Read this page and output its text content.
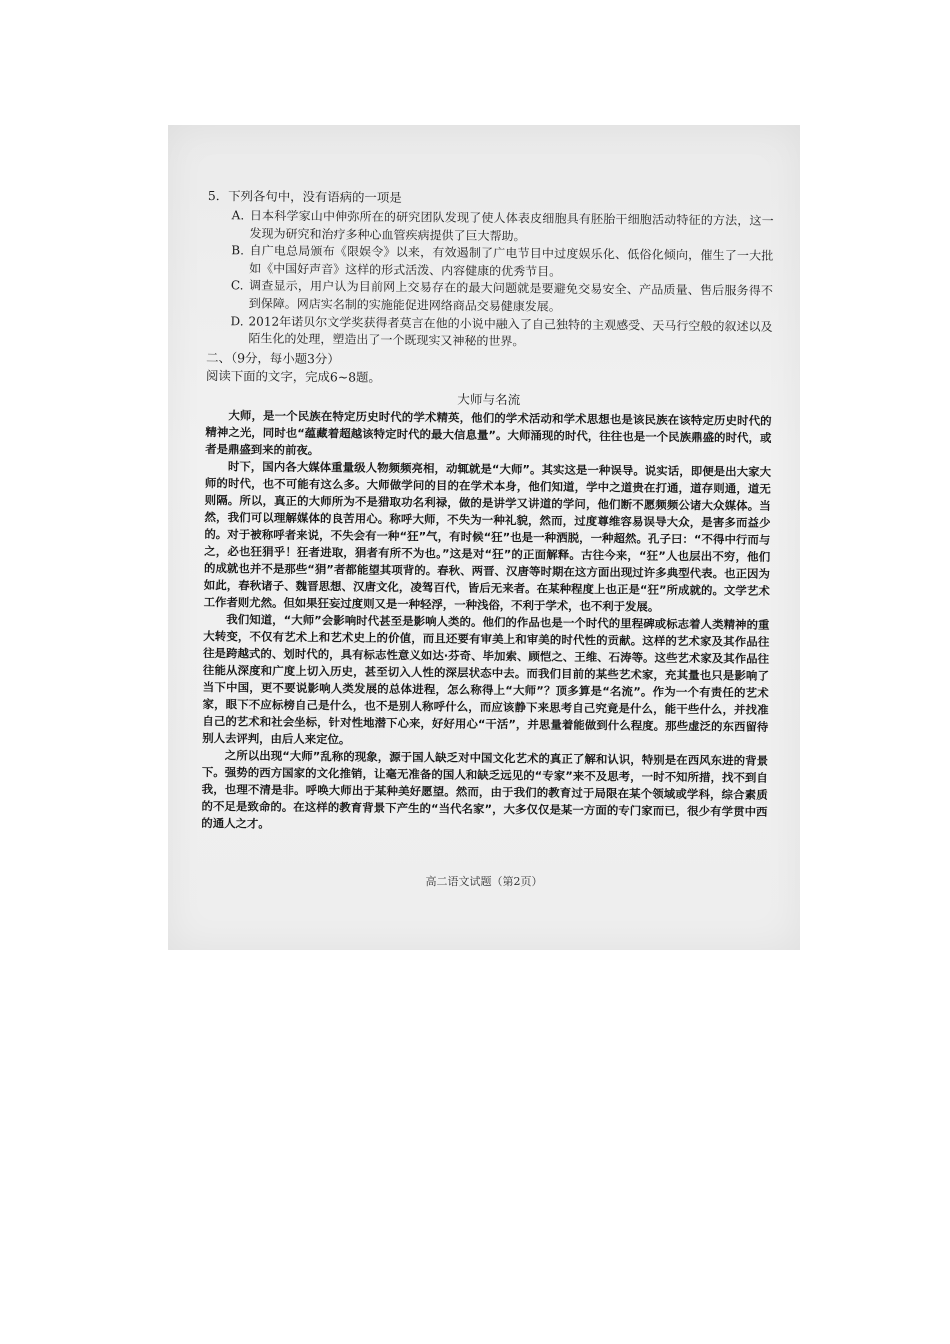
5．下列各句中，没有语病的一项是
A. 日本科学家山中伸弥所在的研究团队发现了使人体表皮细胞具有胚胎干细胞活动特征的方法，这一发现为研究和治疗多种心血管疾病提供了巨大帮助。
B. 自广电总局颁布《限娱令》以来，有效遏制了广电节目中过度娱乐化、低俗化倾向，催生了一大批如《中国好声音》这样的形式活泼、内容健康的优秀节目。
C. 调查显示，用户认为目前网上交易存在的最大问题就是要避免交易安全、产品质量、售后服务得不到保障。网店实名制的实施能促进网络商品交易健康发展。
D. 2012年诺贝尔文学奖获得者莫言在他的小说中融入了自己独特的主观感受、天马行空般的叙述以及陌生化的处理，塑造出了一个既现实又神秘的世界。
二、（9分，每小题3分）
阅读下面的文字，完成6~8题。
大师与名流

大师，是一个民族在特定历史时代的学术精英，他们的学术活动和学术思想也是该民族在该特定历史时代的精神之光，同时也“蕴藏着超越该特定时代的最大信息量”。大师涌现的时代，往往也是一个民族鼎盛的时代，或者是鼎盛到来的前夜。

时下，国内各大媒体重量级人物频频亮相，动辄就是“大师”。其实这是一种误导。说实话，即便是出大家大师的时代，也不可能有这么多。大师做学问的目的在学术本身，他们知道，学中之道贵在打通，道存则通，道无则隔。所以，真正的大师所为不是猎取功名利禄，做的是讲学又讲道的学问，他们断不愿频频公诸大众媒体。当然，我们可以理解媒体的良苦用心。称呼大师，不失为一种礼貌，然而，过度尊维容易误导大众，是害多而益少的。对于被称呼者来说，不失会有一种“狂”气，有时候“狂”也是一种洒脱，一种超然。孔子曰：“不得中行而与之，必也狂狷乎！狂者进取，狷者有所不为也。”这是对“狂”的正面解释。古往今来，“狂”人也层出不穷，他们的成就也并不是那些“狷”者都能望其项背的。春秋、两晋、汉唐等时期在这方面出现过许多典型代表。也正因为如此，春秋诸子、魏晋思想、汉唐文化，凌驾百代，皆后无来者。在某种程度上也正是“狂”所成就的。文学艺术工作者则尤然。但如果狂妄过度则又是一种轻浮，一种浅俗，不利于学术，也不利于发展。

我们知道，“大师”会影响时代甚至是影响人类的。他们的作品也是一个时代的里程碑或标志着人类精神的重大转变，不仅有艺术上和艺术史上的价值，而且还要有审美上和审美的时代性的贡献。这样的艺术家及其作品往往是跨越式的、划时代的，具有标志性意义如达·芬奇、毕加索、顾恺之、王维、石涛等。这些艺术家及其作品往往能从深度和广度上切入历史，甚至切入人性的深层状态中去。而我们目前的某些艺术家，充其量也只是影响了当下中国，更不要说影响人类发展的总体进程，怎么称得上“大师”？顶多算是“名流”。作为一个有责任的艺术家，眼下不应标榜自己是什么，也不是别人称呼什么，而应该静下来思考自己究竟是什么，能干些什么，并找准自己的艺术和社会坐标，针对性地潜下心来，好好用心“干活”，并思量着能做到什么程度。那些虚泛的东西留待别人去评判，由后人来定位。

之所以出现“大师”乱称的现象，源于国人缺乏对中国文化艺术的真正了解和认识，特别是在西风东进的背景下。强势的西方国家的文化推销，让毫无准备的国人和缺乏远见的“专家”来不及思考，一时不知所措，找不到自我，也理不清是非。呼唤大师出于某种美好愿望。然而，由于我们的教育过于局限在某个领域或学科，综合素质的不足是致命的。在这样的教育背景下产生的“当代名家”，大多仅仅是某一方面的专门家而已，很少有学贯中西的通人之才。

高二语文试题（第2页）
